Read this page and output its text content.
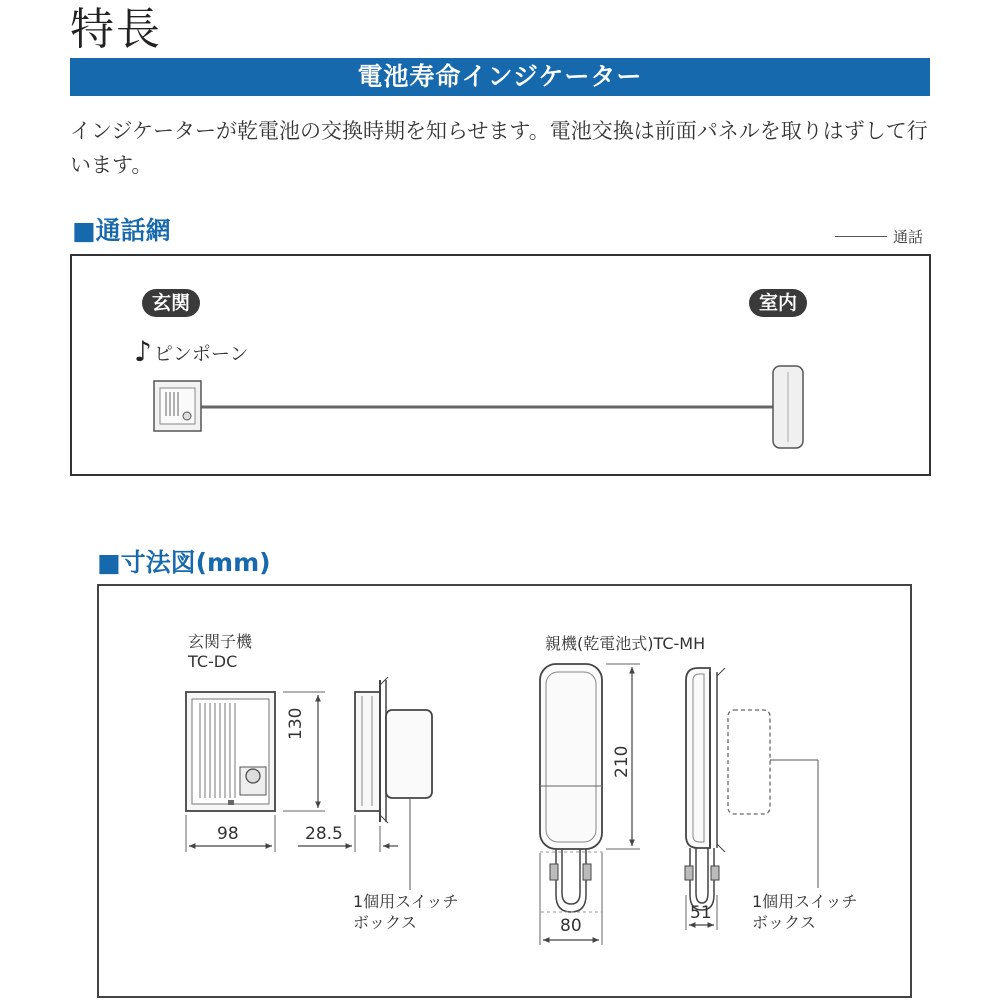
特長
電池寿命インジケーター
インジケーターが乾電池の交換時期を知らせます。電池交換は前面パネルを取りはずして行います。
■通話網	通話
玄関	室内
♪ ピンポーン
■寸法図(mm)
玄関子機
TC-DC
130
98	28.5
1個用スイッチ
ボックス
親機(乾電池式)TC-MH
210
80
51
1個用スイッチ
ボックス
